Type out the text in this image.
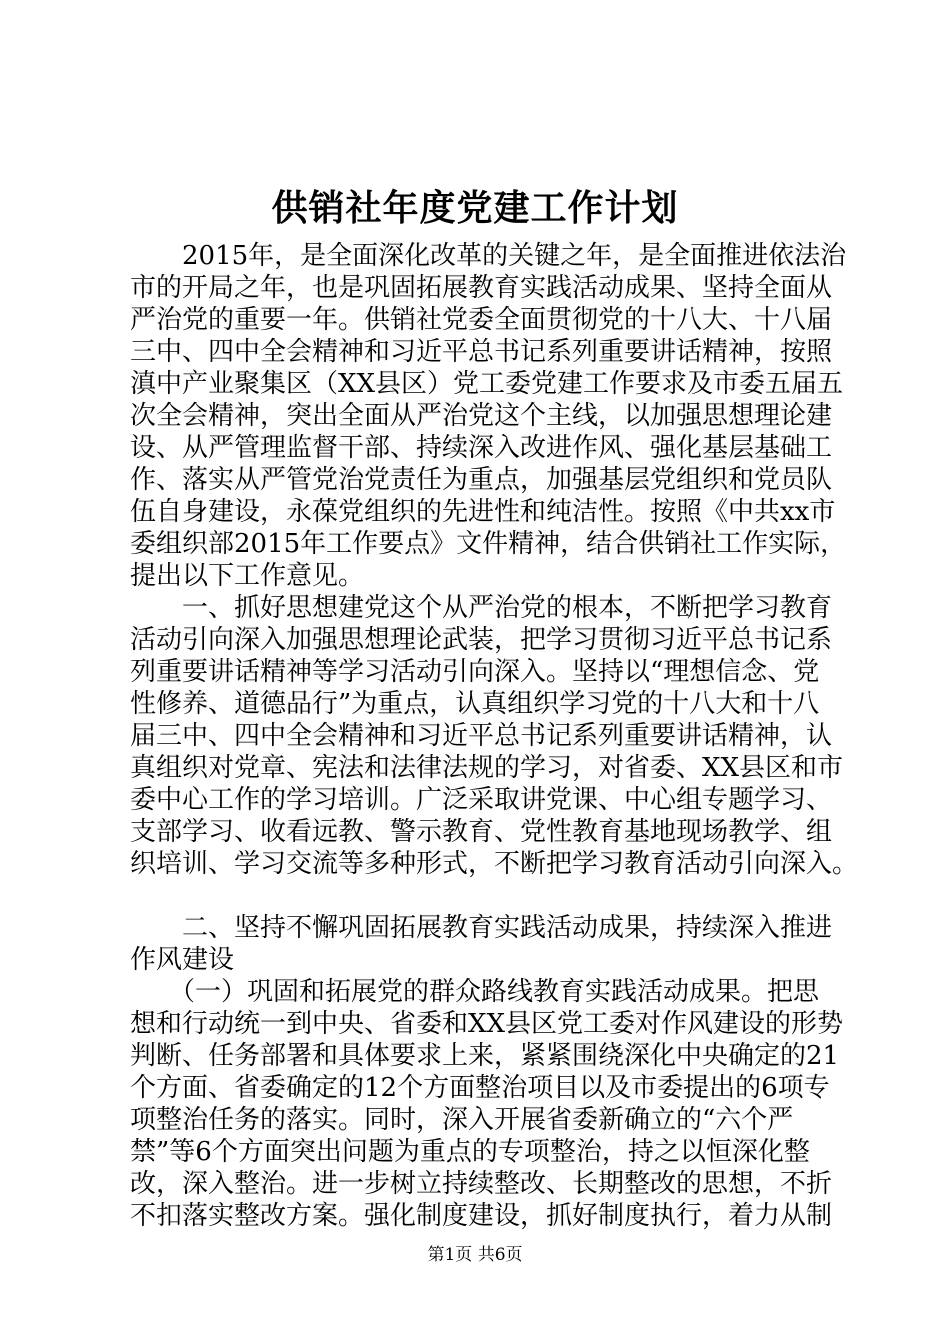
供销社年度党建工作计划

　　2015年，是全面深化改革的关键之年，是全面推进依法治

市的开局之年，也是巩固拓展教育实践活动成果、坚持全面从

严治党的重要一年。供销社党委全面贯彻党的十八大、十八届

三中、四中全会精神和习近平总书记系列重要讲话精神，按照

滇中产业聚集区（XX县区）党工委党建工作要求及市委五届五

次全会精神，突出全面从严治党这个主线，以加强思想理论建

设、从严管理监督干部、持续深入改进作风、强化基层基础工

作、落实从严管党治党责任为重点，加强基层党组织和党员队

伍自身建设，永葆党组织的先进性和纯洁性。按照《中共xx市

委组织部2015年工作要点》文件精神，结合供销社工作实际，

提出以下工作意见。

　　一、抓好思想建党这个从严治党的根本，不断把学习教育

活动引向深入加强思想理论武装，把学习贯彻习近平总书记系

列重要讲话精神等学习活动引向深入。坚持以“理想信念、党

性修养、道德品行”为重点，认真组织学习党的十八大和十八

届三中、四中全会精神和习近平总书记系列重要讲话精神，认

真组织对党章、宪法和法律法规的学习，对省委、XX县区和市

委中心工作的学习培训。广泛采取讲党课、中心组专题学习、

支部学习、收看远教、警示教育、党性教育基地现场教学、组

织培训、学习交流等多种形式，不断把学习教育活动引向深入。

　　二、坚持不懈巩固拓展教育实践活动成果，持续深入推进

作风建设

　　（一）巩固和拓展党的群众路线教育实践活动成果。把思

想和行动统一到中央、省委和XX县区党工委对作风建设的形势

判断、任务部署和具体要求上来，紧紧围绕深化中央确定的21

个方面、省委确定的12个方面整治项目以及市委提出的6项专

项整治任务的落实。同时，深入开展省委新确立的“六个严

禁”等6个方面突出问题为重点的专项整治，持之以恒深化整

改，深入整治。进一步树立持续整改、长期整改的思想，不折

不扣落实整改方案。强化制度建设，抓好制度执行，着力从制

第1页 共6页
